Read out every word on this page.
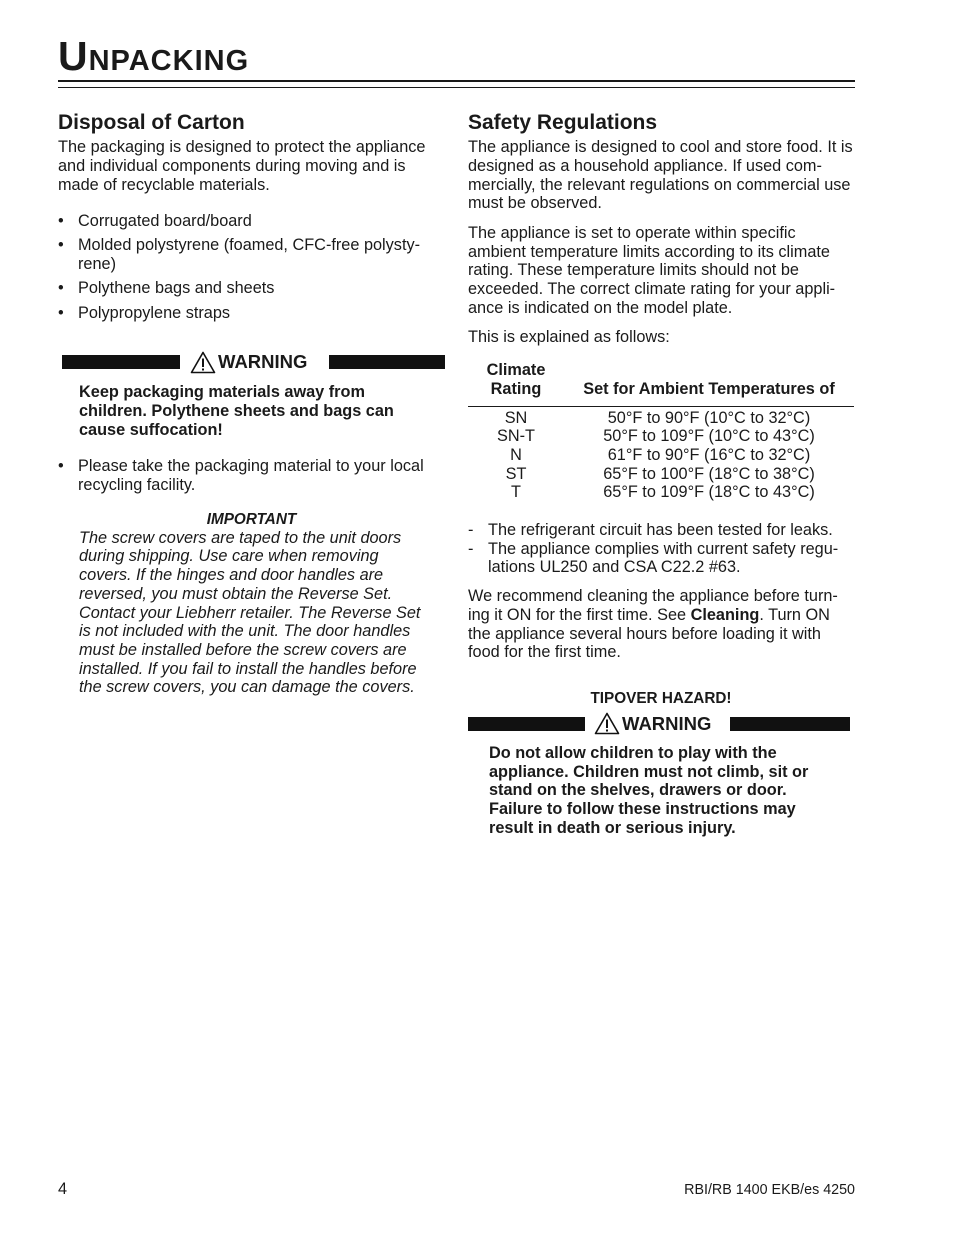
Unpacking
Disposal of Carton

The packaging is designed to protect the appliance and individual components during moving and is made of recyclable materials.

• Corrugated board/board
• Molded polystyrene (foamed, CFC-free polysty- rene)
• Polythene bags and sheets
• Polypropylene straps
WARNING

Keep packaging materials away from children. Polythene sheets and bags can cause suffocation!

• Please take the packaging material to your local recycling facility.

IMPORTANT

The screw covers are taped to the unit doors during shipping. Use care when removing covers. If the hinges and door handles are reversed, you must obtain the Reverse Set. Contact your Liebherr retailer. The Reverse Set is not included with the unit. The door handles must be installed before the screw covers are installed. If you fail to install the handles before the screw covers, you can damage the covers.

Safety Regulations

The appliance is designed to cool and store food. It is designed as a household appliance. If used com- mercially, the relevant regulations on commercial use must be observed.

The appliance is set to operate within specific ambient temperature limits according to its climate rating. These temperature limits should not be exceeded. The correct climate rating for your appli- ance is indicated on the model plate.

This is explained as follows:

Climate
Rating	Set for Ambient Temperatures of
SN	50°F to 90°F (10°C to 32°C)
SN-T	50°F to 109°F (10°C to 43°C)
N	61°F to 90°F (16°C to 32°C)
ST	65°F to 100°F (18°C to 38°C)
T	65°F to 109°F (18°C to 43°C)
- The refrigerant circuit has been tested for leaks.
- The appliance complies with current safety regu- lations UL250 and CSA C22.2 #63.

We recommend cleaning the appliance before turn- ing it ON for the first time. See Cleaning. Turn ON the appliance several hours before loading it with food for the first time.

TIPOVER HAZARD!

WARNING

Do not allow children to play with the appliance. Children must not climb, sit or stand on the shelves, drawers or door. Failure to follow these instructions may result in death or serious injury.

4	RBI/RB 1400 EKB/es 4250
